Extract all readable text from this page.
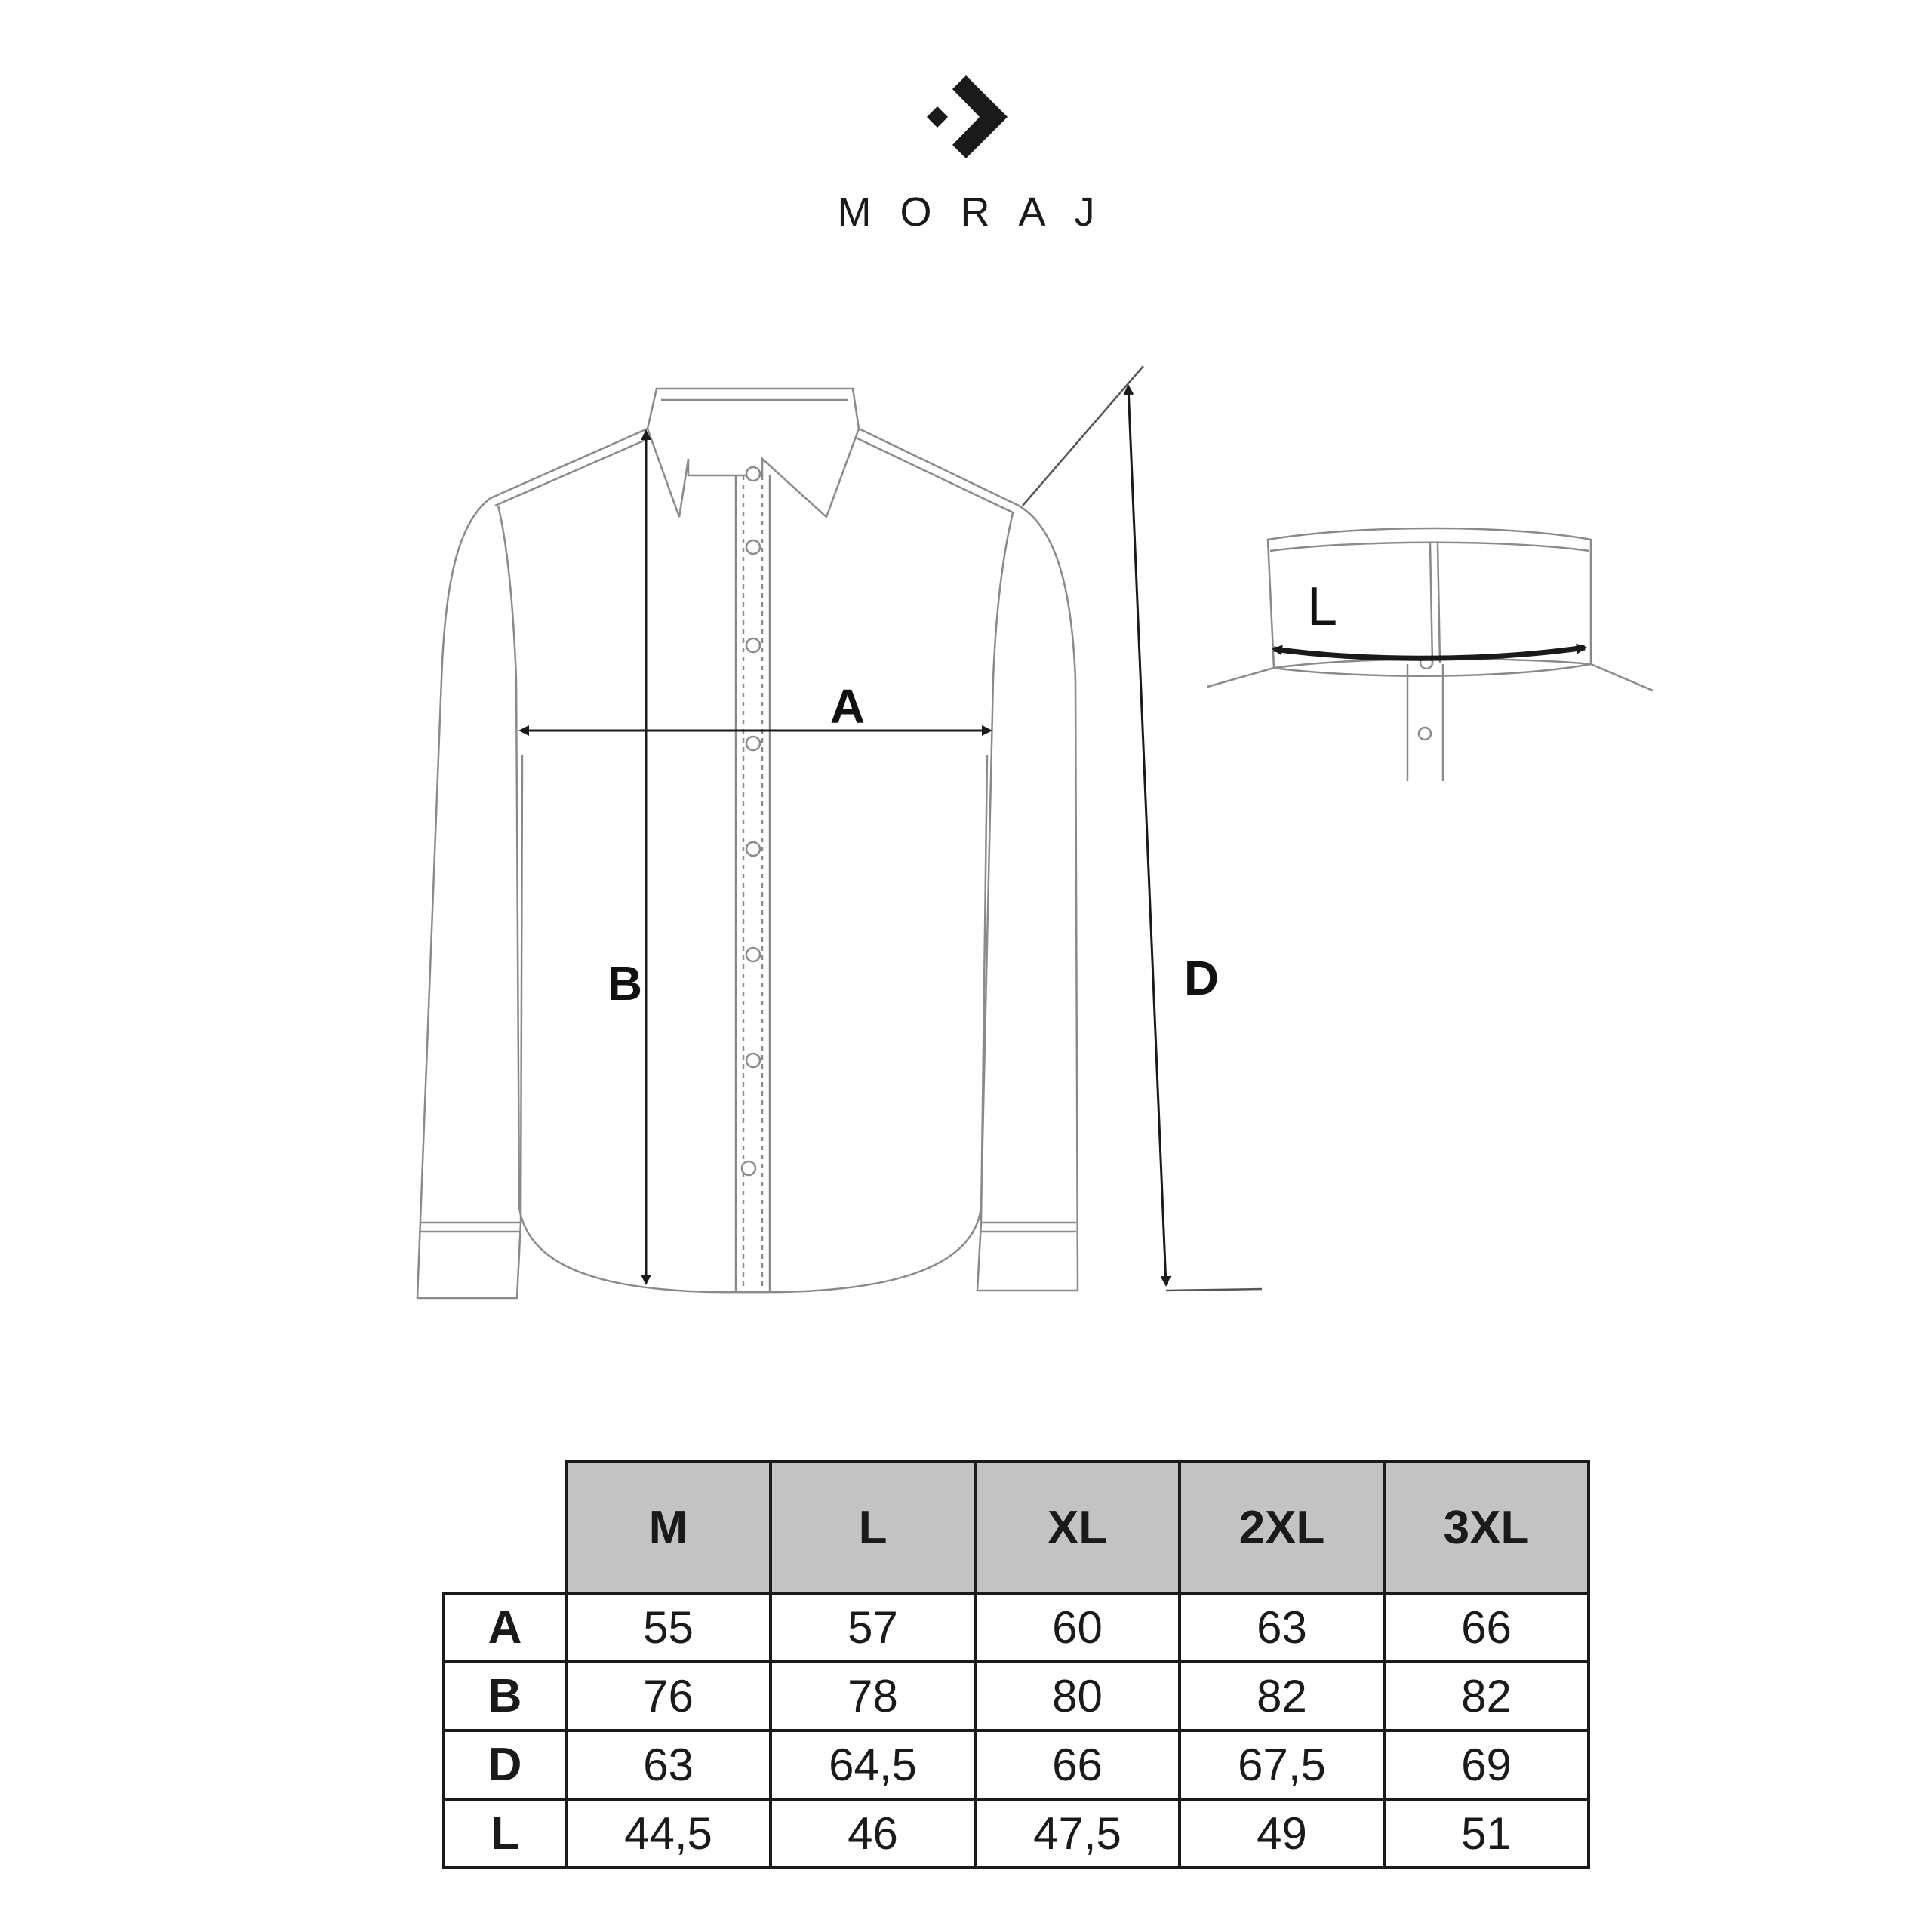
MORAJ
A
B	D
L
	M	L	XL	2XL	3XL
A	55	57	60	63	66
B	76	78	80	82	82
D	63	64,5	66	67,5	69
L	44,5	46	47,5	49	51
